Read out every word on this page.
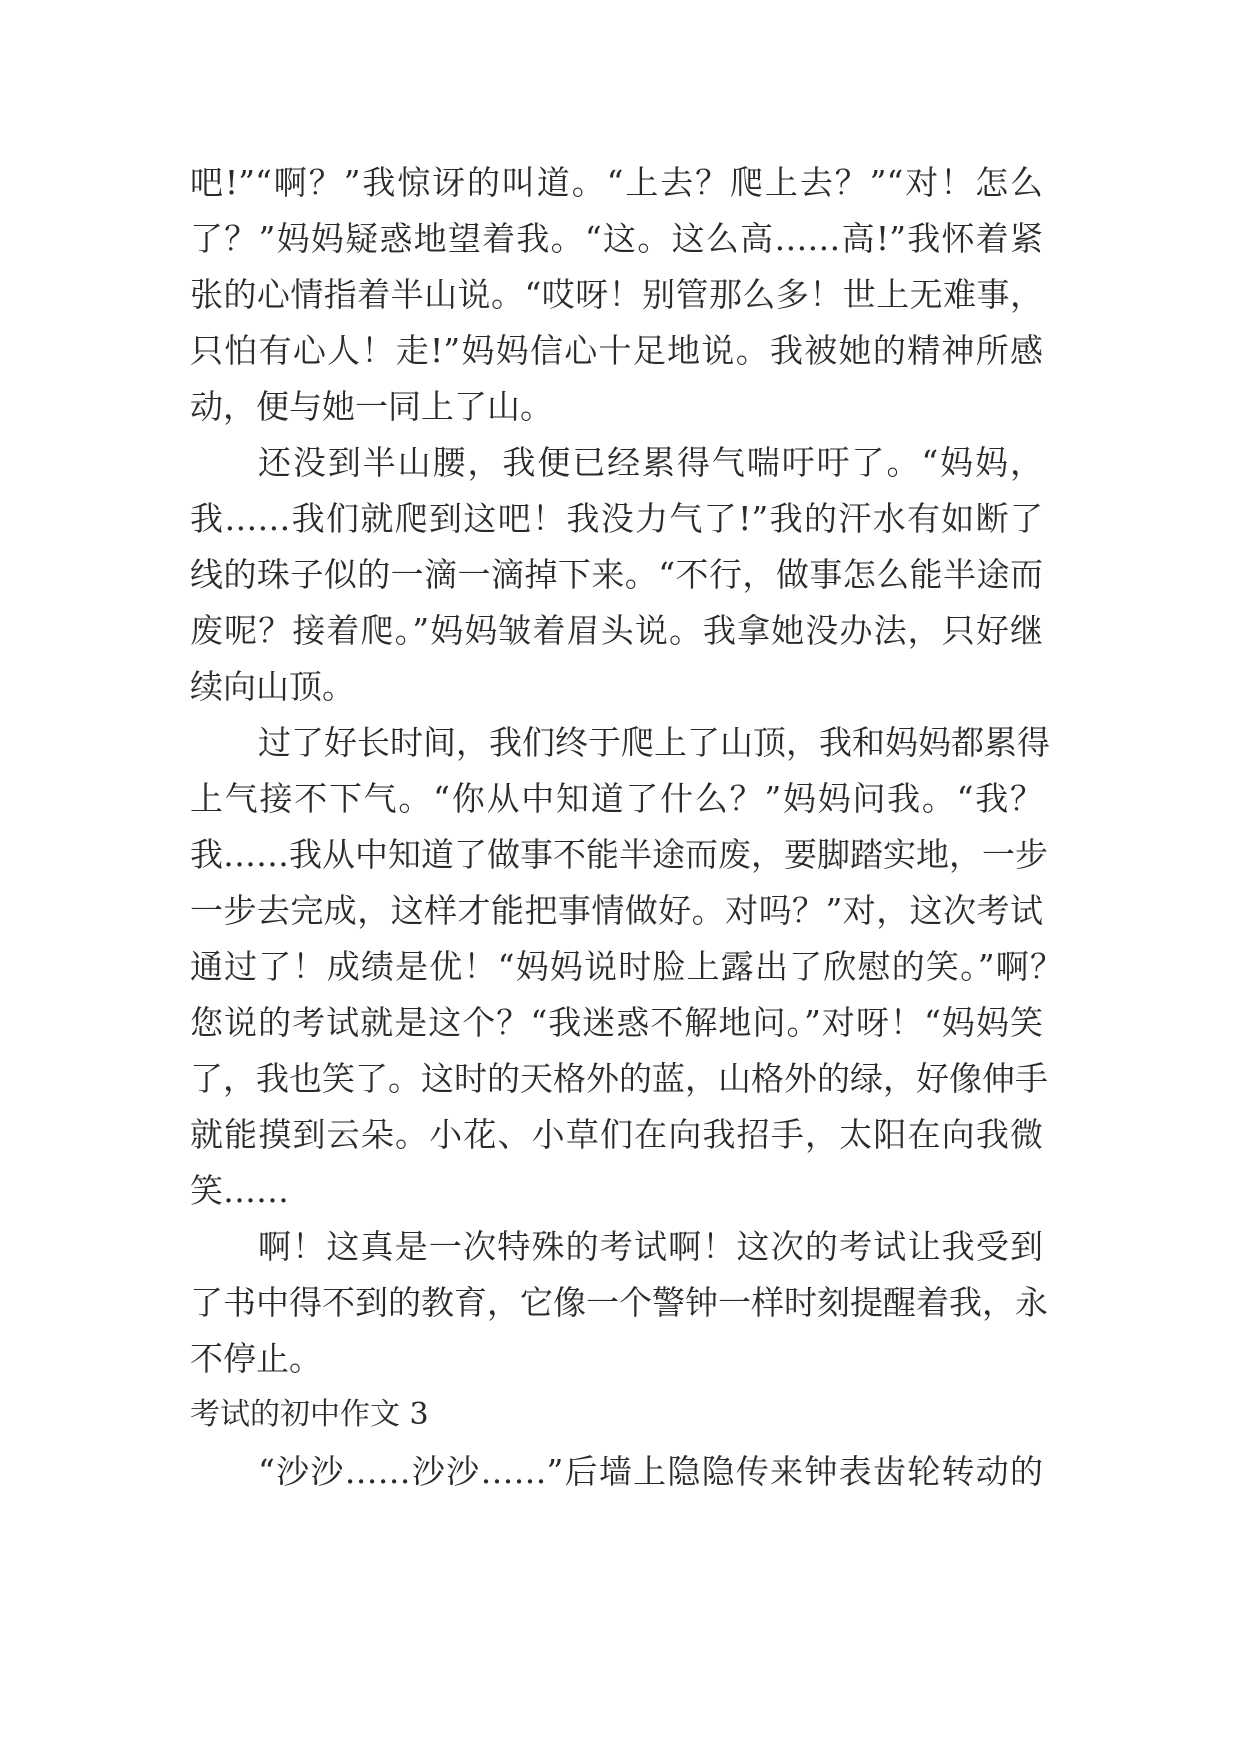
吧!”“啊？”我惊讶的叫道。“上去？爬上去？”“对！怎么
了？”妈妈疑惑地望着我。“这。这么高……高!”我怀着紧
张的心情指着半山说。“哎呀！别管那么多！世上无难事，
只怕有心人！走!”妈妈信心十足地说。我被她的精神所感
动，便与她一同上了山。
还没到半山腰，我便已经累得气喘吁吁了。“妈妈，
我……我们就爬到这吧！我没力气了!”我的汗水有如断了
线的珠子似的一滴一滴掉下来。“不行，做事怎么能半途而
废呢？接着爬。”妈妈皱着眉头说。我拿她没办法，只好继
续向山顶。
过了好长时间，我们终于爬上了山顶，我和妈妈都累得
上气接不下气。“你从中知道了什么？”妈妈问我。“我？
我……我从中知道了做事不能半途而废，要脚踏实地，一步
一步去完成，这样才能把事情做好。对吗？”对，这次考试
通过了！成绩是优！“妈妈说时脸上露出了欣慰的笑。”啊？
您说的考试就是这个？“我迷惑不解地问。”对呀！“妈妈笑
了，我也笑了。这时的天格外的蓝，山格外的绿，好像伸手
就能摸到云朵。小花、小草们在向我招手，太阳在向我微
笑……
啊！这真是一次特殊的考试啊！这次的考试让我受到
了书中得不到的教育，它像一个警钟一样时刻提醒着我，永
不停止。
考试的初中作文 3
“沙沙……沙沙……”后墙上隐隐传来钟表齿轮转动的
